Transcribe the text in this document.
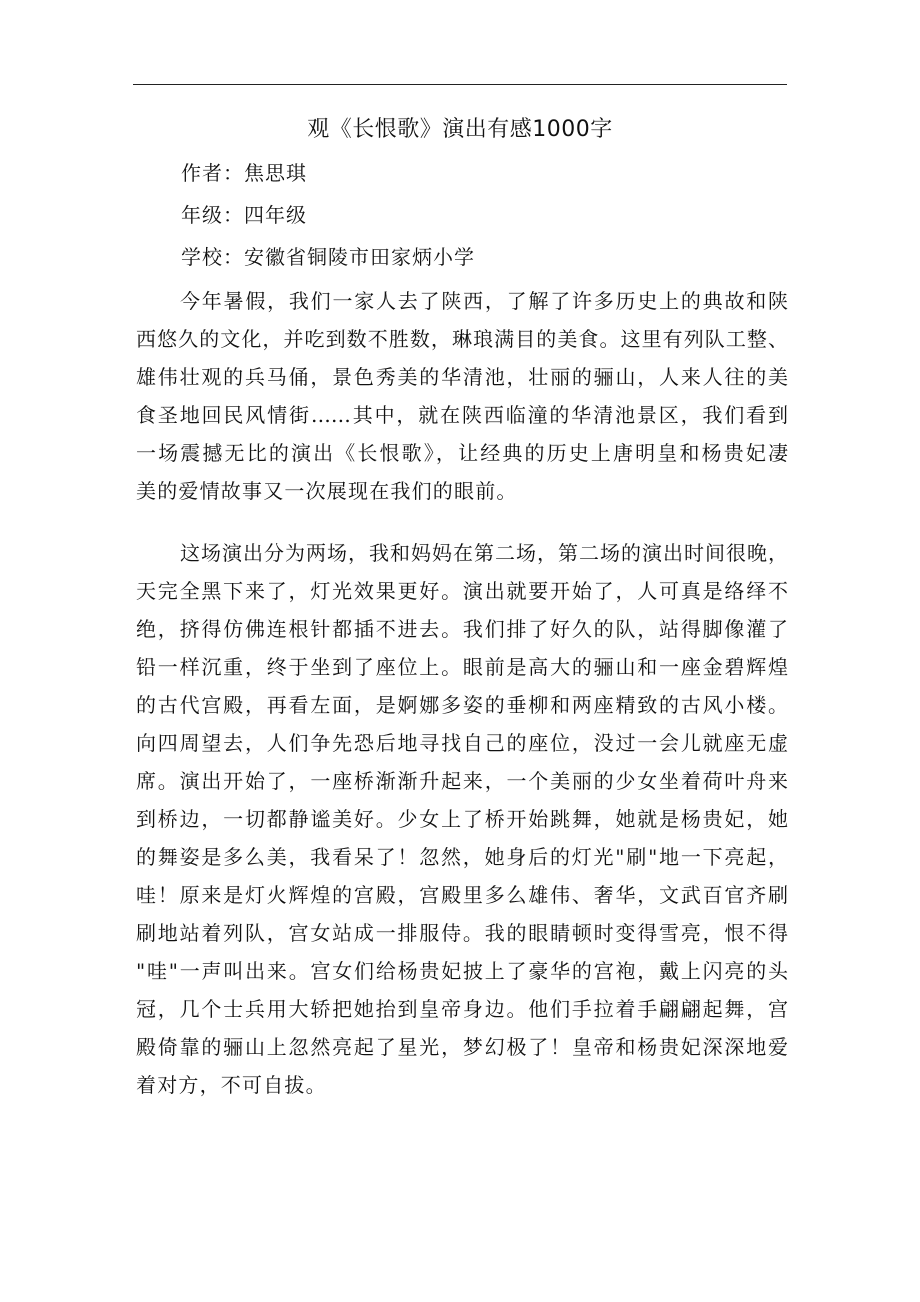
观《长恨歌》演出有感1000字
作者：焦思琪
年级：四年级
学校：安徽省铜陵市田家炳小学
今年暑假，我们一家人去了陕西，了解了许多历史上的典故和陕
西悠久的文化，并吃到数不胜数，琳琅满目的美食。这里有列队工整、
雄伟壮观的兵马俑，景色秀美的华清池，壮丽的骊山，人来人往的美
食圣地回民风情街……其中，就在陕西临潼的华清池景区，我们看到
一场震撼无比的演出《长恨歌》，让经典的历史上唐明皇和杨贵妃凄
美的爱情故事又一次展现在我们的眼前。
这场演出分为两场，我和妈妈在第二场，第二场的演出时间很晚，
天完全黑下来了，灯光效果更好。演出就要开始了，人可真是络绎不
绝，挤得仿佛连根针都插不进去。我们排了好久的队，站得脚像灌了
铅一样沉重，终于坐到了座位上。眼前是高大的骊山和一座金碧辉煌
的古代宫殿，再看左面，是婀娜多姿的垂柳和两座精致的古风小楼。
向四周望去，人们争先恐后地寻找自己的座位，没过一会儿就座无虚
席。演出开始了，一座桥渐渐升起来，一个美丽的少女坐着荷叶舟来
到桥边，一切都静谧美好。少女上了桥开始跳舞，她就是杨贵妃，她
的舞姿是多么美，我看呆了！忽然，她身后的灯光"刷"地一下亮起，
哇！原来是灯火辉煌的宫殿，宫殿里多么雄伟、奢华，文武百官齐刷
刷地站着列队，宫女站成一排服侍。我的眼睛顿时变得雪亮，恨不得
"哇"一声叫出来。宫女们给杨贵妃披上了豪华的宫袍，戴上闪亮的头
冠，几个士兵用大轿把她抬到皇帝身边。他们手拉着手翩翩起舞，宫
殿倚靠的骊山上忽然亮起了星光，梦幻极了！皇帝和杨贵妃深深地爱
着对方，不可自拔。
